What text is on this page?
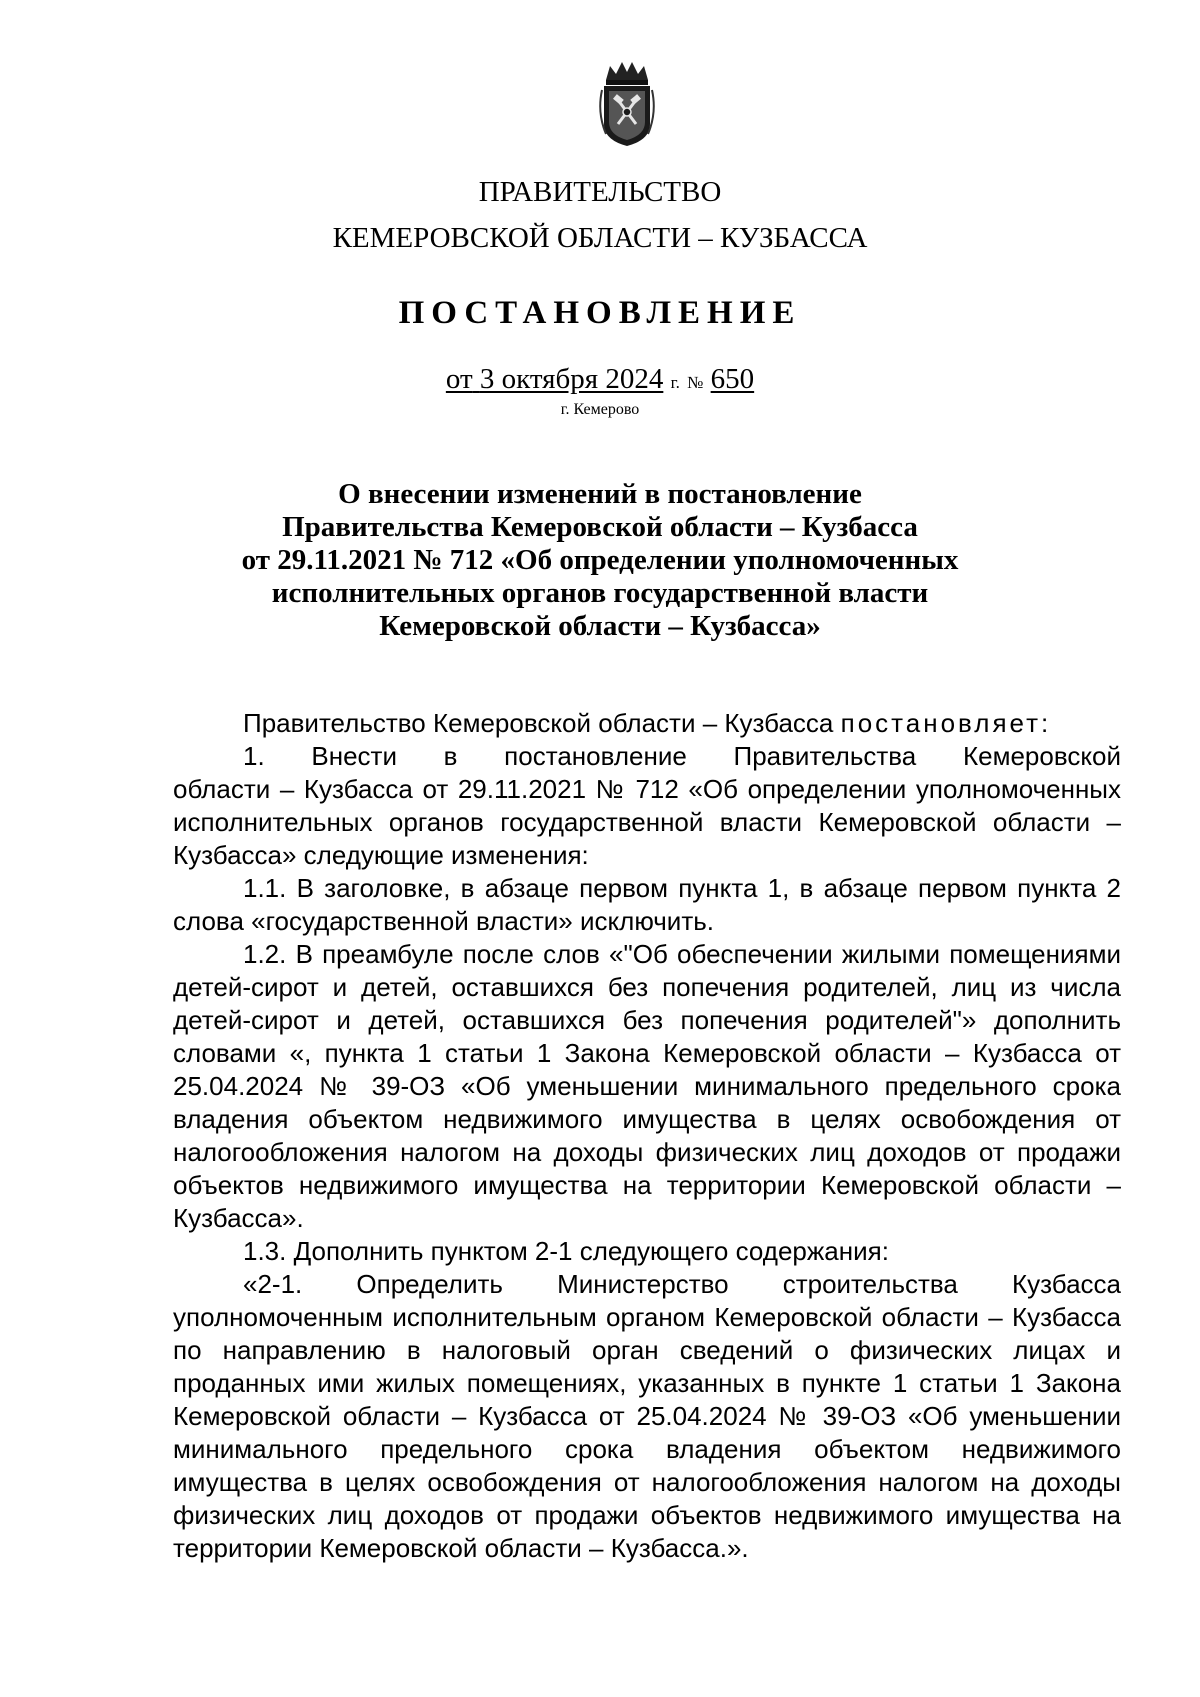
ПРАВИТЕЛЬСТВО
КЕМЕРОВСКОЙ ОБЛАСТИ – КУЗБАССА
ПОСТАНОВЛЕНИЕ
от 3 октября 2024 г. № 650
г. Кемерово
О внесении изменений в постановление
Правительства Кемеровской области – Кузбасса
от 29.11.2021 № 712 «Об определении уполномоченных
исполнительных органов государственной власти
Кемеровской области – Кузбасса»

Правительство Кемеровской области – Кузбасса постановляет:

1. Внести в постановление Правительства Кемеровской

области – Кузбасса от 29.11.2021 № 712 «Об определении уполномоченных исполнительных органов государственной власти Кемеровской области – Кузбасса» следующие изменения:

1.1. В заголовке, в абзаце первом пункта 1, в абзаце первом пункта 2 слова «государственной власти» исключить.

1.2. В преамбуле после слов «"Об обеспечении жилыми помещениями детей-сирот и детей, оставшихся без попечения родителей, лиц из числа детей-сирот и детей, оставшихся без попечения родителей"» дополнить словами «, пункта 1 статьи 1 Закона Кемеровской области – Кузбасса от 25.04.2024 № 39-ОЗ «Об уменьшении минимального предельного срока владения объектом недвижимого имущества в целях освобождения от налогообложения налогом на доходы физических лиц доходов от продажи объектов недвижимого имущества на территории Кемеровской области – Кузбасса».

1.3. Дополнить пунктом 2-1 следующего содержания:

«2-1. Определить Министерство строительства Кузбасса уполномоченным исполнительным органом Кемеровской области – Кузбасса по направлению в налоговый орган сведений о физических лицах и проданных ими жилых помещениях, указанных в пункте 1 статьи 1 Закона Кемеровской области – Кузбасса от 25.04.2024 № 39-ОЗ «Об уменьшении минимального предельного срока владения объектом недвижимого имущества в целях освобождения от налогообложения налогом на доходы физических лиц доходов от продажи объектов недвижимого имущества на территории Кемеровской области – Кузбасса.».
